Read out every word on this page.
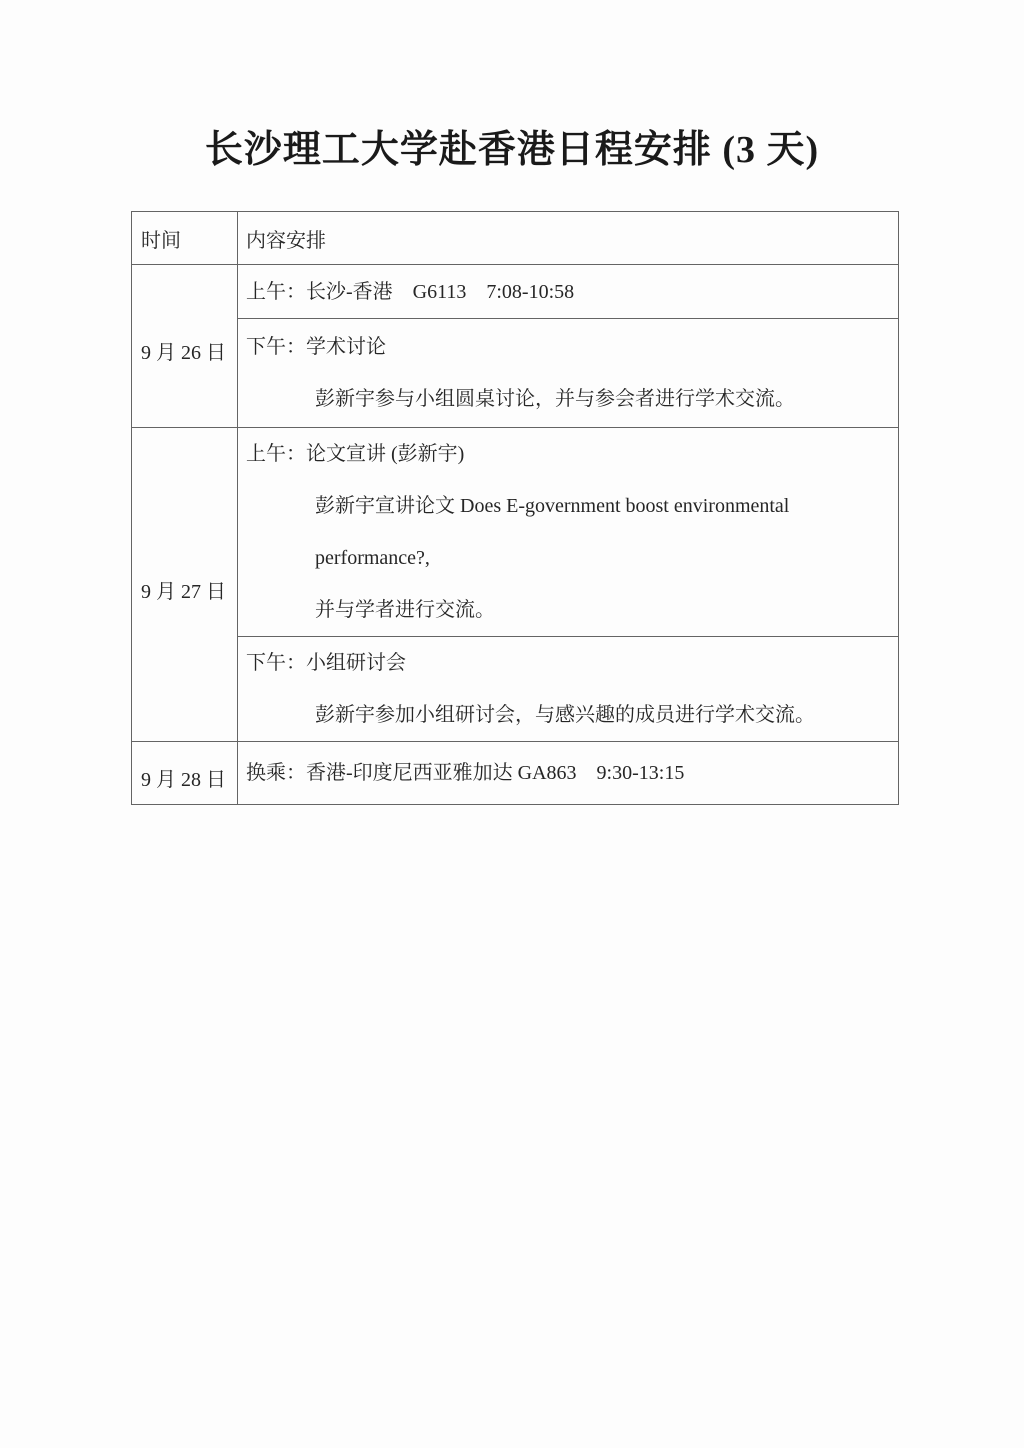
长沙理工大学赴香港日程安排 (3 天)
时间	内容安排
9 月 26 日	上午：长沙-香港　G6113　7:08-10:58

	下午：学术讨论
彭新宇参与小组圆桌讨论，并与参会者进行学术交流。

9 月 27 日	上午：论文宣讲 (彭新宇)
彭新宇宣讲论文 Does E-government boost environmental performance?,
并与学者进行交流。

	下午：小组研讨会
彭新宇参加小组研讨会，与感兴趣的成员进行学术交流。

9 月 28 日	换乘：香港-印度尼西亚雅加达 GA863　9:30-13:15
